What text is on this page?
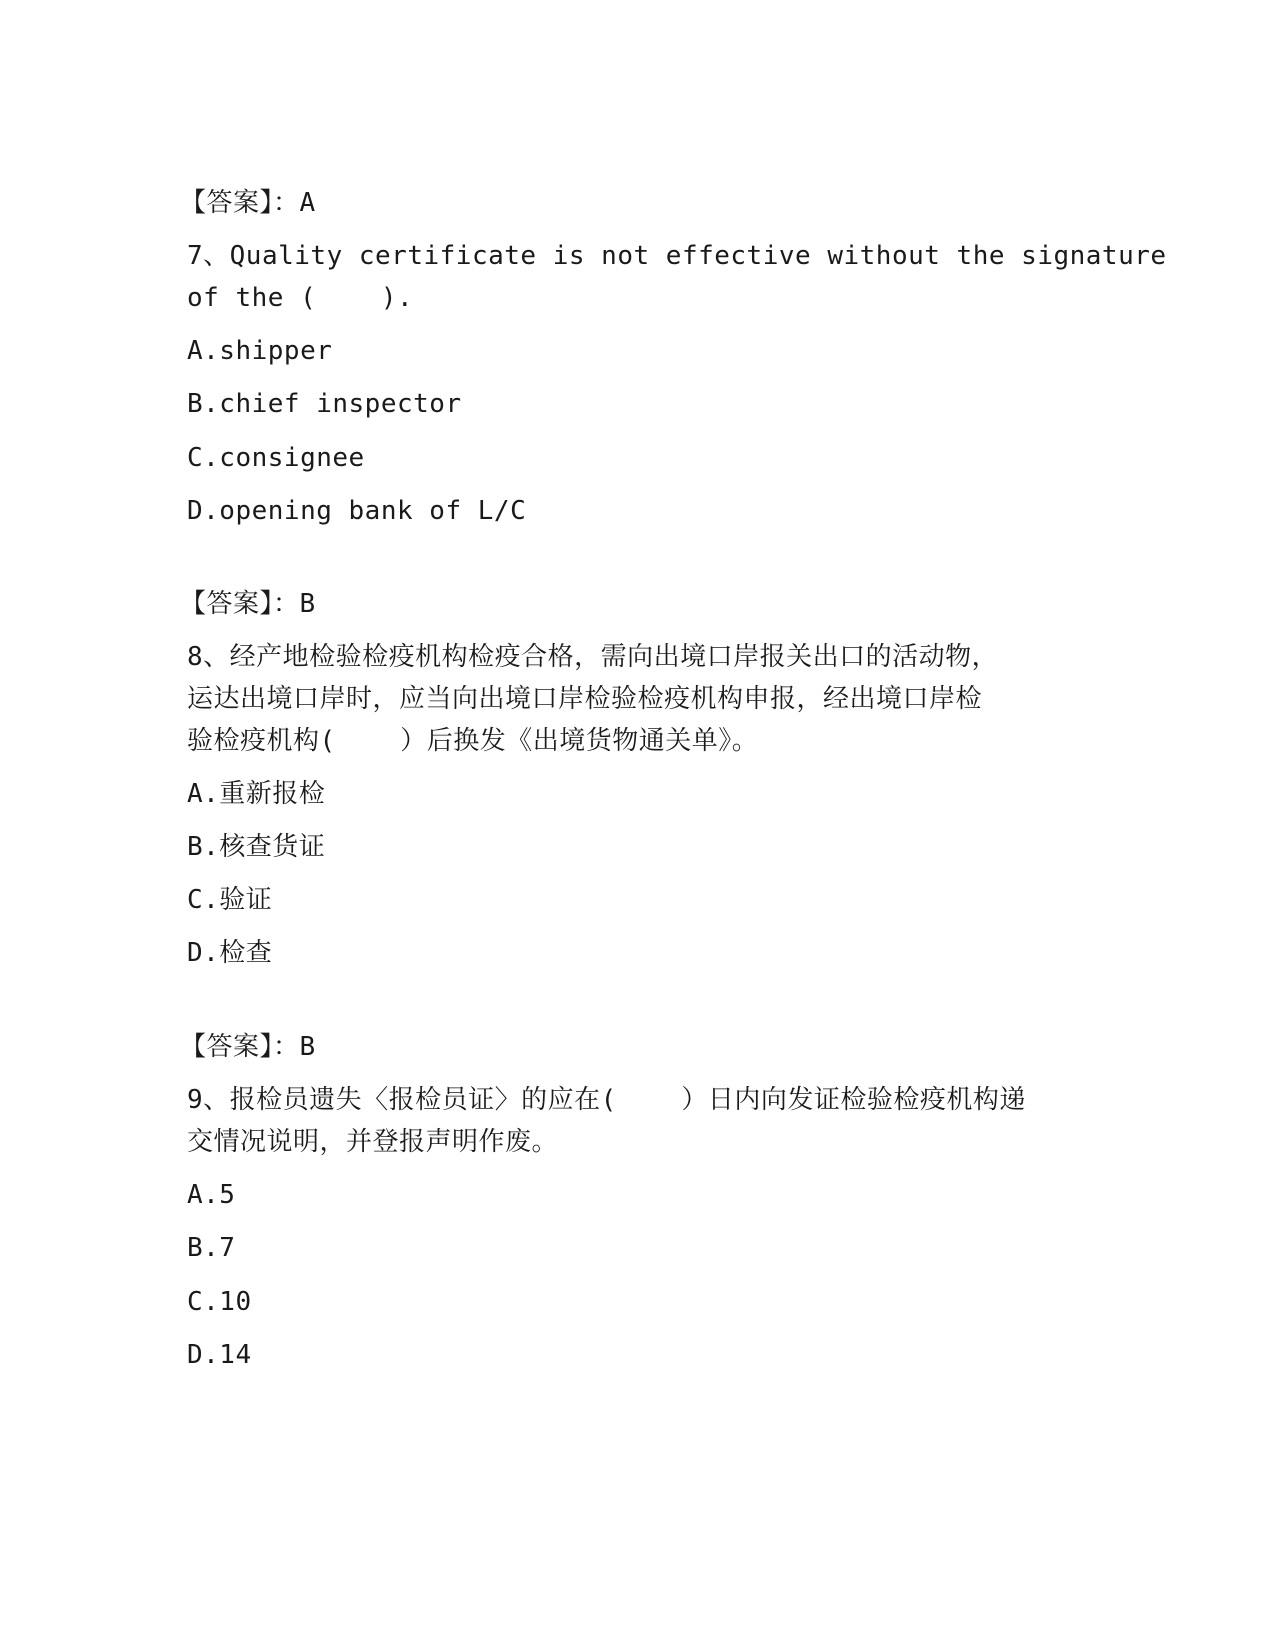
【答案】：A
7、Quality certificate is not effective without the signature
of the (    ).
A.shipper
B.chief inspector
C.consignee
D.opening bank of L/C
【答案】：B
8、经产地检验检疫机构检疫合格，需向出境口岸报关出口的活动物，
运达出境口岸时，应当向出境口岸检验检疫机构申报，经出境口岸检
验检疫机构(    ）后换发《出境货物通关单》。
A.重新报检
B.核查货证
C.验证
D.检查
【答案】：B
9、报检员遗失〈报检员证〉的应在(    ）日内向发证检验检疫机构递
交情况说明，并登报声明作废。
A.5
B.7
C.10
D.14
